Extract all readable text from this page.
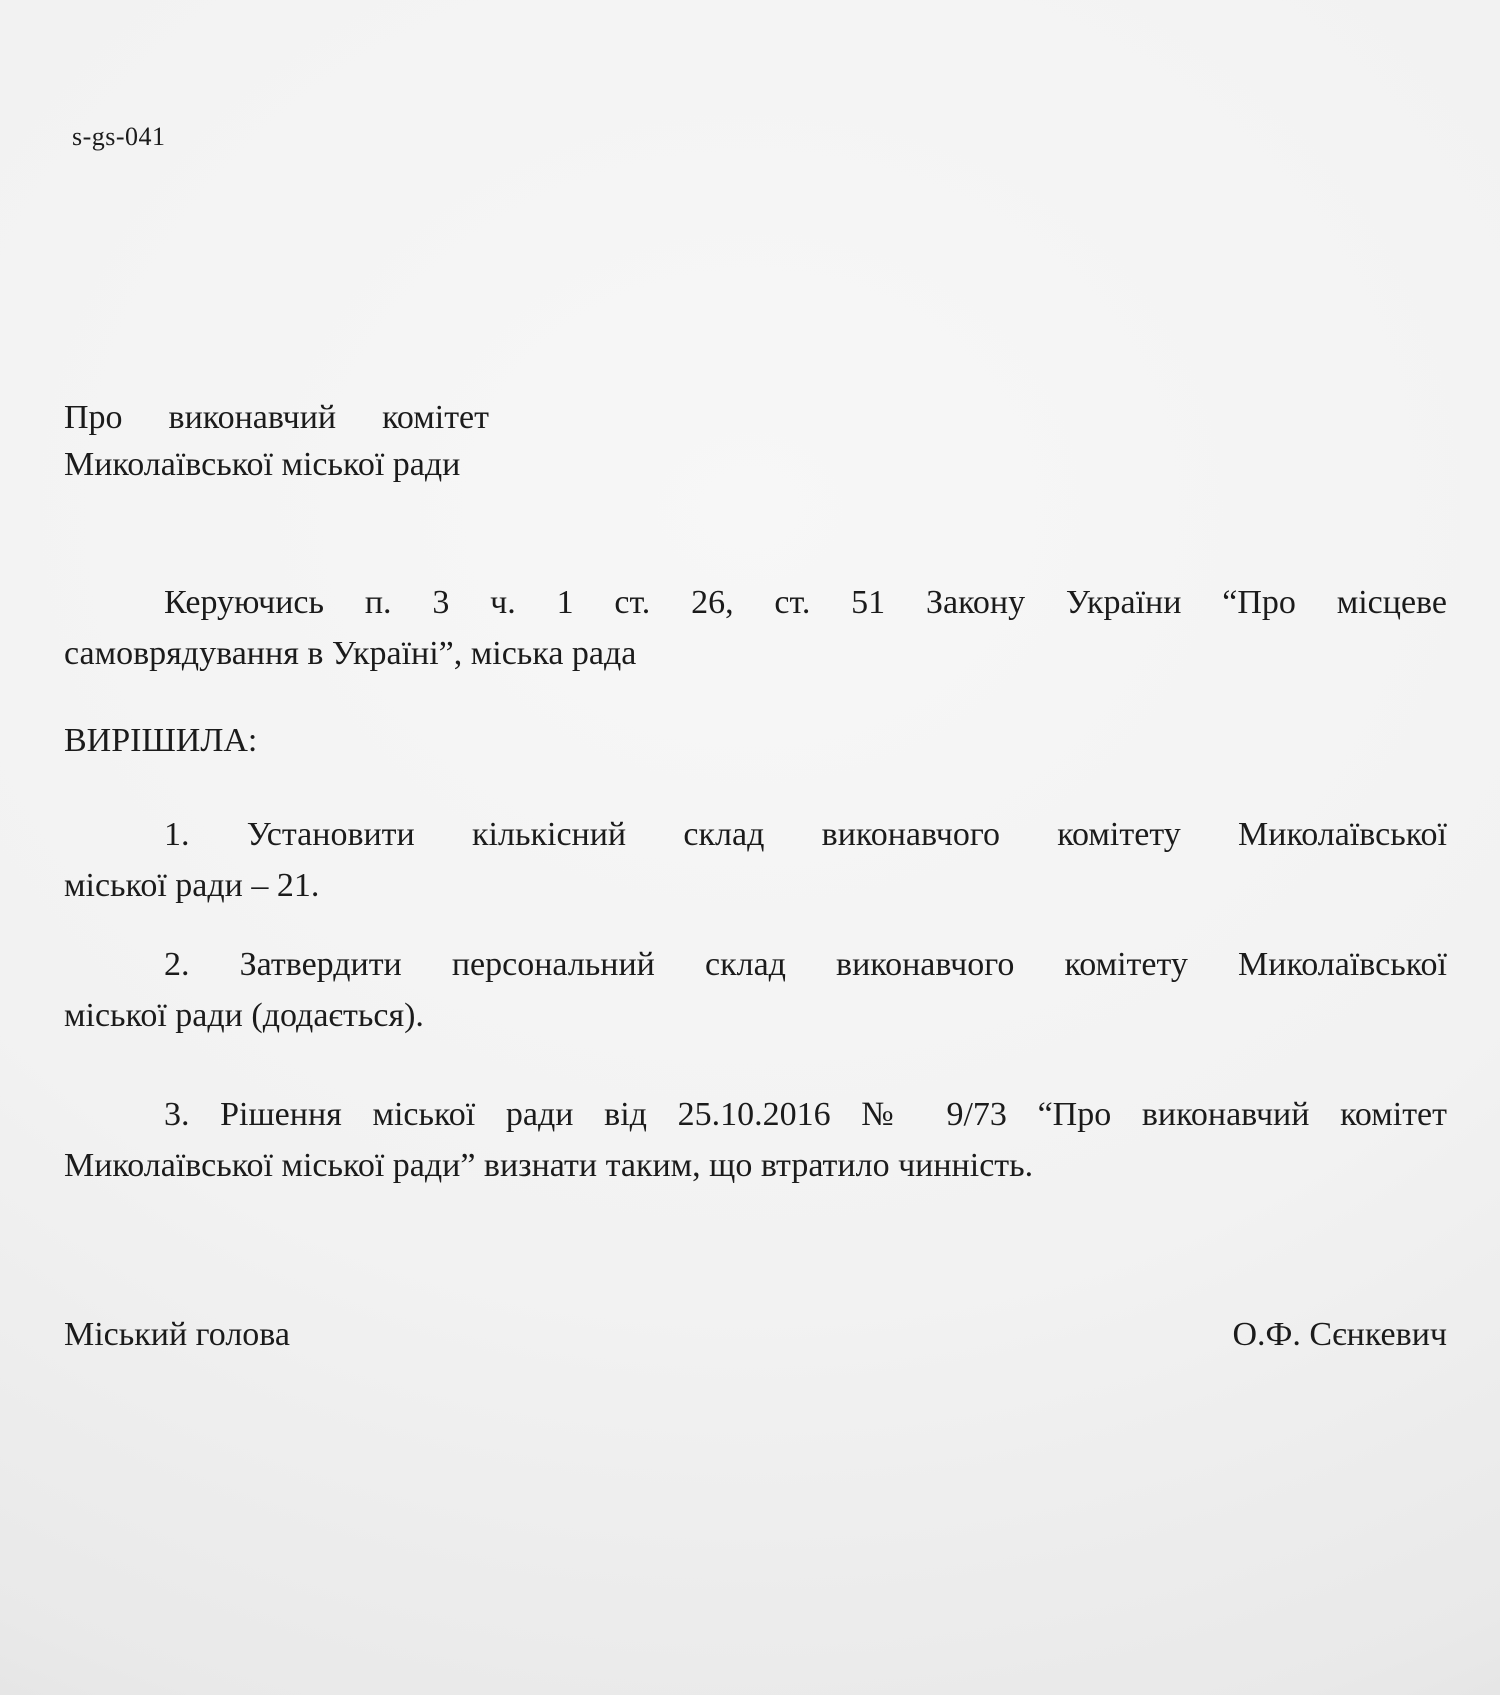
s-gs-041
Про виконавчий комітет
Миколаївської міської ради
Керуючись п. 3 ч. 1 ст. 26, ст. 51 Закону України “Про місцеве
самоврядування в Україні”, міська рада
ВИРІШИЛА:
1. Установити кількісний склад виконавчого комітету Миколаївської
міської ради – 21.
2. Затвердити персональний склад виконавчого комітету Миколаївської
міської ради (додається).
3. Рішення міської ради від 25.10.2016 № 9/73 “Про виконавчий комітет
Миколаївської міської ради” визнати таким, що втратило чинність.
Міський голова	О.Ф. Сєнкевич
